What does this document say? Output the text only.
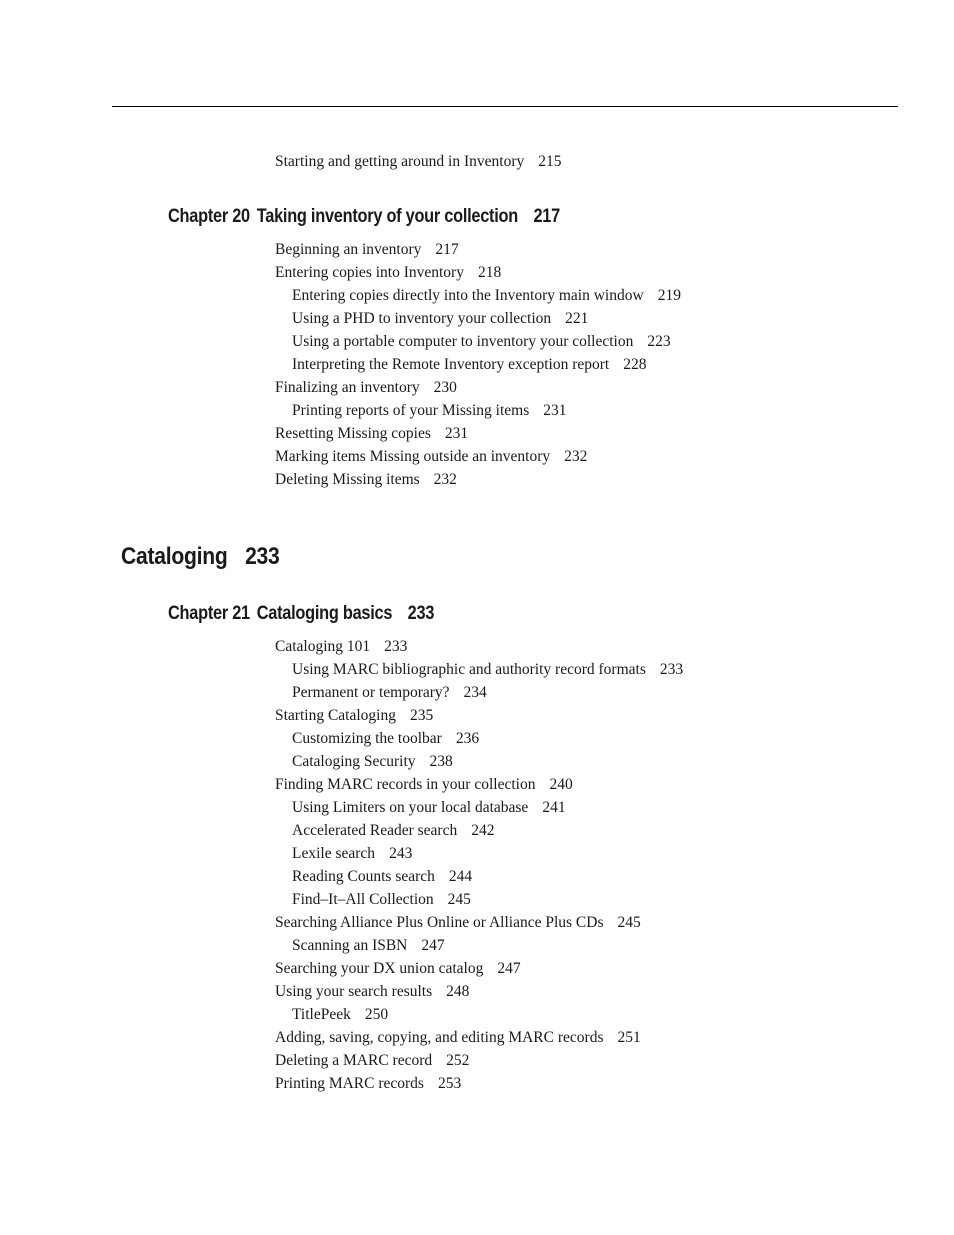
Starting and getting around in Inventory 215

Chapter 20 Taking inventory of your collection 217

Beginning an inventory 217

Entering copies into Inventory 218

Entering copies directly into the Inventory main window 219

Using a PHD to inventory your collection 221

Using a portable computer to inventory your collection 223

Interpreting the Remote Inventory exception report 228

Finalizing an inventory 230

Printing reports of your Missing items 231

Resetting Missing copies 231

Marking items Missing outside an inventory 232

Deleting Missing items 232

Cataloging 233

Chapter 21 Cataloging basics 233

Cataloging 101 233

Using MARC bibliographic and authority record formats 233

Permanent or temporary? 234

Starting Cataloging 235

Customizing the toolbar 236

Cataloging Security 238

Finding MARC records in your collection 240

Using Limiters on your local database 241

Accelerated Reader search 242

Lexile search 243

Reading Counts search 244

Find–It–All Collection 245

Searching Alliance Plus Online or Alliance Plus CDs 245

Scanning an ISBN 247

Searching your DX union catalog 247

Using your search results 248

TitlePeek 250

Adding, saving, copying, and editing MARC records 251

Deleting a MARC record 252

Printing MARC records 253
